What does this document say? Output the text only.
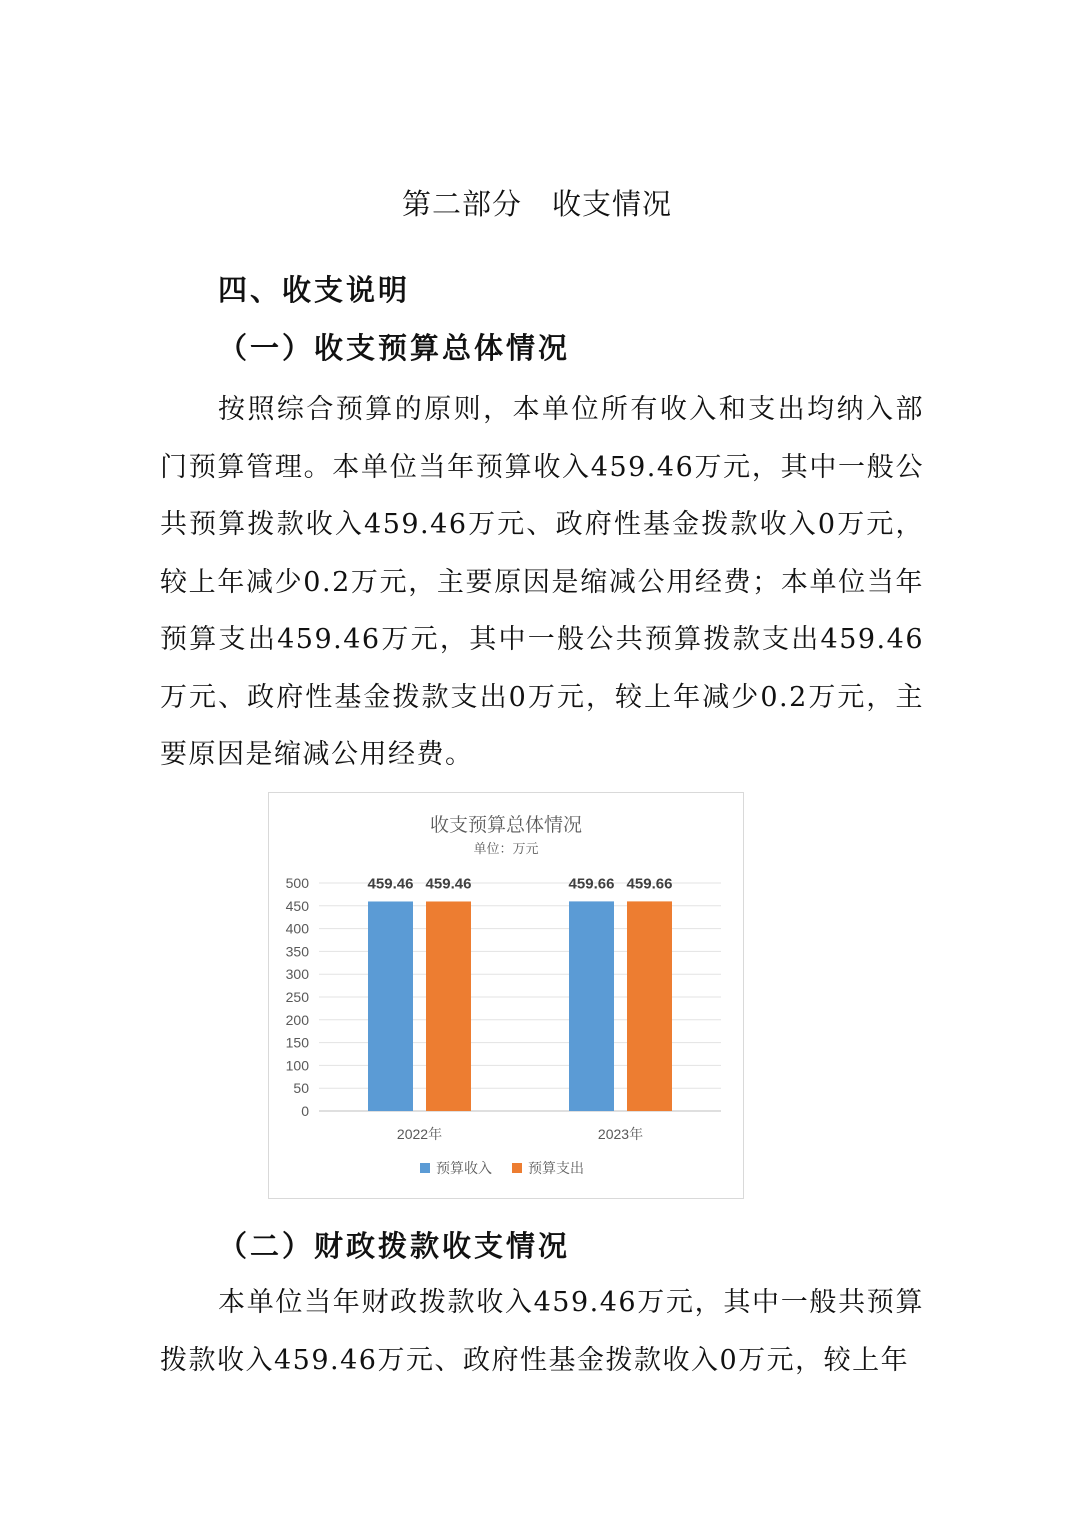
第二部分　收支情况
四、收支说明
（一）收支预算总体情况

按照综合预算的原则，本单位所有收入和支出均纳入部门预算管理。本单位当年预算收入459.46万元，其中一般公共预算拨款收入459.46万元、政府性基金拨款收入0万元，较上年减少0.2万元，主要原因是缩减公用经费；本单位当年预算支出459.46万元，其中一般公共预算拨款支出459.46万元、政府性基金拨款支出0万元，较上年减少0.2万元，主要原因是缩减公用经费。

收支预算总体情况
单位：万元
0
50
100
150
200
250
300
350
400
450
500	459.46 459.46
2022年
459.66 459.66
2023年
预算收入	预算支出
（二）财政拨款收支情况

本单位当年财政拨款收入459.46万元，其中一般共预算拨款收入459.46万元、政府性基金拨款收入0万元，较上年
